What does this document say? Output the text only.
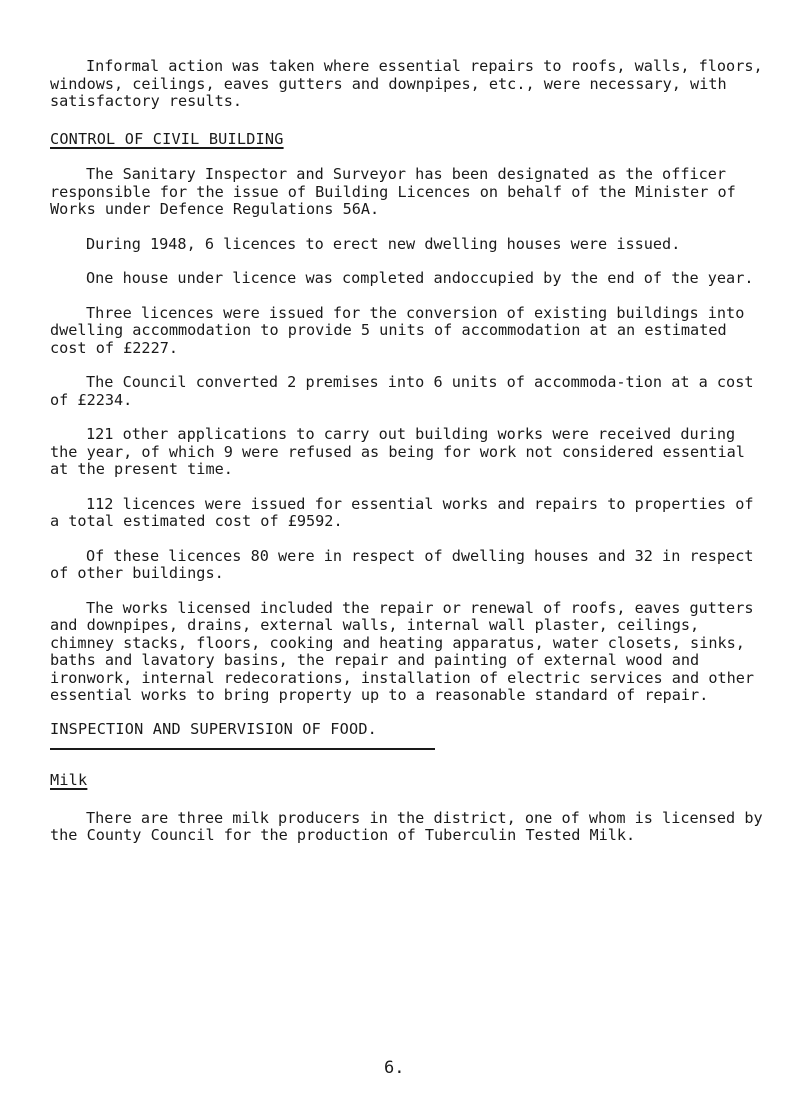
Informal action was taken where essential repairs to roofs, walls, floors, windows, ceilings, eaves gutters and downpipes, etc., were necessary, with satisfactory results.

CONTROL OF CIVIL BUILDING

The Sanitary Inspector and Surveyor has been designated as the officer responsible for the issue of Building Licences on behalf of the Minister of Works under Defence Regulations 56A.

During 1948, 6 licences to erect new dwelling houses were issued.

One house under licence was completed andoccupied by the end of the year.

Three licences were issued for the conversion of existing buildings into dwelling accommodation to provide 5 units of accommodation at an estimated cost of £2227.

The Council converted 2 premises into 6 units of accommoda-tion at a cost of £2234.

121 other applications to carry out building works were received during the year, of which 9 were refused as being for work not considered essential at the present time.

112 licences were issued for essential works and repairs to properties of a total estimated cost of £9592.

Of these licences 80 were in respect of dwelling houses and 32 in respect of other buildings.

The works licensed included the repair or renewal of roofs, eaves gutters and downpipes, drains, external walls, internal wall plaster, ceilings, chimney stacks, floors, cooking and heating apparatus, water closets, sinks, baths and lavatory basins, the repair and painting of external wood and ironwork, internal redecorations, installation of electric services and other essential works to bring property up to a reasonable standard of repair.

INSPECTION AND SUPERVISION OF FOOD.

Milk

There are three milk producers in the district, one of whom is licensed by the County Council for the production of Tuberculin Tested Milk.

6.
